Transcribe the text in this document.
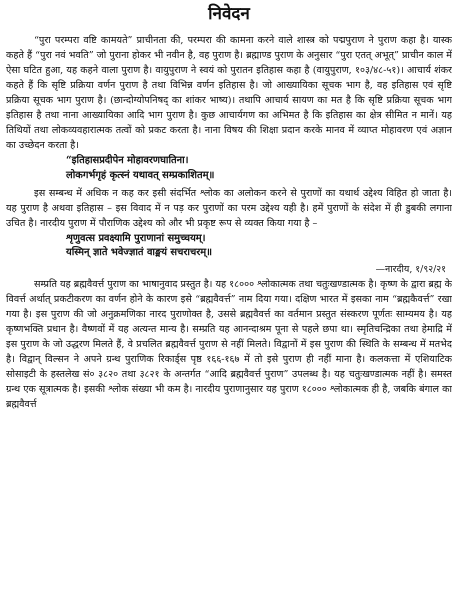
निवेदन

“पुरा परम्परा वष्टि कामयते” प्राचीनता की, परम्परा की कामना करने वाले शास्त्र को पद्मपुराण ने पुराण कहा है। यास्क कहते हैं “पुरा नवं भवति” जो पुराना होकर भी नवीन है, वह पुराण है। ब्रह्माण्ड पुराण के अनुसार “पुरा एतत् अभूत्” प्राचीन काल में ऐसा घटित हुआ, यह कहने वाला पुराण है। वायुपुराण ने स्वयं को पुरातन इतिहास कहा है (वायुपुराण, १०३/४८-५१)। आचार्य शंकर कहते हैं कि सृष्टि प्रक्रिया वर्णन पुराण है तथा विभिन्न वर्णन इतिहास है। जो आख्यायिका सूचक भाग है, वह इतिहास एवं सृष्टि प्रक्रिया सूचक भाग पुराण है। (छान्दोग्योपनिषद् का शांकर भाष्य)। तथापि आचार्य सायण का मत है कि सृष्टि प्रक्रिया सूचक भाग इतिहास है तथा नाना आख्यायिका आदि भाग पुराण है। कुछ आचार्यगण का अभिमत है कि इतिहास का क्षेत्र सीमित न मानें। यह तिथियों तथा लोकव्यवहारात्मक तत्वों को प्रकट करता है। नाना विषय की शिक्षा प्रदान करके मानव में व्याप्त मोहावरण एवं अज्ञान का उच्छेदन करता है।

“इतिहासप्रदीपेन मोहावरणघातिना।
लोकगर्भगृहं कृत्स्नं यथावत् सम्प्रकाशितम्॥

इस सम्बन्ध में अधिक न कह कर इसी संदर्भित श्लोक का अलोकन करने से पुराणों का यथार्थ उद्देश्य विहित हो जाता है। यह पुराण है अथवा इतिहास – इस विवाद में न पड़ कर पुराणों का परम उद्देश्य यही है। हमें पुराणों के संदेश में ही डुबकी लगाना उचित है। नारदीय पुराण में पौराणिक उद्देश्य को और भी प्रकृष्ट रूप से व्यक्त किया गया है –

शृणुवत्स प्रवक्ष्यामि पुराणानां समुच्चयम्।
यस्मिन् ज्ञाते भवेज्ज्ञातं वाङ्मयं सचराचरम्॥
—नारदीय, १/९२/२१

सम्प्रति यह ब्रह्मवैवर्त्त पुराण का भाषानुवाद प्रस्तुत है। यह १८००० श्लोकात्मक तथा चतुःखण्डात्मक है। कृष्ण के द्वारा ब्रह्म के विवर्त्त अर्थात् प्रकटीकरण का वर्णन होने के कारण इसे “ब्रह्मवैवर्त्त” नाम दिया गया। दक्षिण भारत में इसका नाम “ब्रह्मकैवर्त्त” रखा गया है। इस पुराण की जो अनुक्रमणिका नारद पुराणोक्त है, उससे ब्रह्मवैवर्त्त का वर्तमान प्रस्तुत संस्करण पूर्णतः साम्यमय है। यह कृष्णभक्ति प्रधान है। वैष्णवों में यह अत्यन्त मान्य है। सम्प्रति यह आनन्दाश्रम पूना से पहले छपा था। स्मृतिचन्द्रिका तथा हेमाद्रि में इस पुराण के जो उद्धरण मिलते हैं, वे प्रचलित ब्रह्मवैवर्त्त पुराण से नहीं मिलते। विद्वानों में इस पुराण की स्थिति के सम्बन्ध में मतभेद है। विद्वान् विल्सन ने अपने ग्रन्थ पुराणिक रिकार्ड्स पृष्ठ १६६-१६७ में तो इसे पुराण ही नहीं माना है। कलकत्ता में एशियाटिक सोसाइटी के हस्तलेख सं० ३८२० तथा ३८२१ के अन्तर्गत “आदि ब्रह्मवैवर्त्त पुराण” उपलब्ध है। यह चतुःखण्डात्मक नहीं है। समस्त ग्रन्थ एक सूत्रात्मक है। इसकी श्लोक संख्या भी कम है। नारदीय पुराणानुसार यह पुराण १८००० श्लोकात्मक ही है, जबकि बंगाल का ब्रह्मवैवर्त्त
